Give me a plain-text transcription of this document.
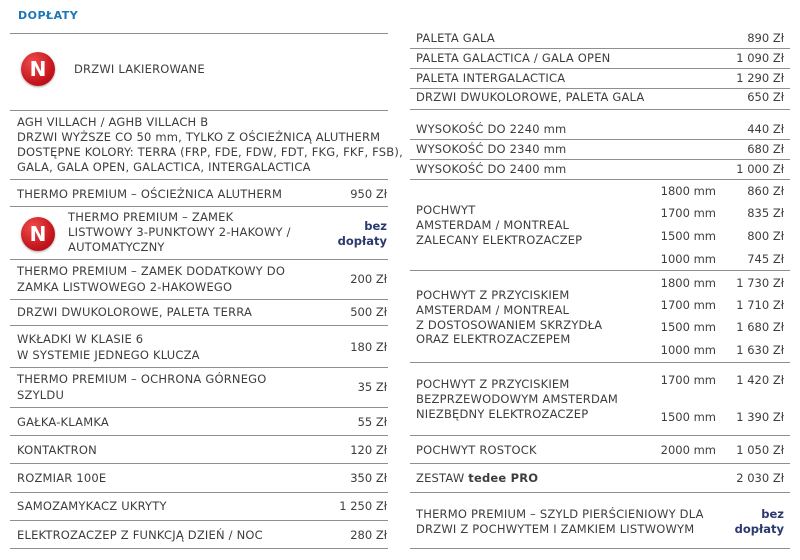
DOPŁATY
N	DRZWI LAKIEROWANE
AGH VILLACH / AGHB VILLACH B
DRZWI WYŻSZE CO 50 mm, TYLKO Z OŚCIEŻNICĄ ALUTHERM
DOSTĘPNE KOLORY: TERRA (FRP, FDE, FDW, FDT, FKG, FKF, FSB),
GALA, GALA OPEN, GALACTICA, INTERGALACTICA
THERMO PREMIUM – OŚCIEŻNICA ALUTHERM	950 Zł
N
THERMO PREMIUM – ZAMEK
LISTWOWY 3-PUNKTOWY 2-HAKOWY /
AUTOMATYCZNY
bez
dopłaty
THERMO PREMIUM – ZAMEK DODATKOWY DO
ZAMKA LISTWOWEGO 2-HAKOWEGO
200 Zł
DRZWI DWUKOLOROWE, PALETA TERRA	500 Zł
WKŁADKI W KLASIE 6
W SYSTEMIE JEDNEGO KLUCZA
180 Zł
THERMO PREMIUM – OCHRONA GÓRNEGO
SZYLDU
35 Zł
GAŁKA-KLAMKA	55 Zł
KONTAKTRON	120 Zł
ROZMIAR 100E	350 Zł
SAMOZAMYKACZ UKRYTY	1 250 Zł
ELEKTROZACZEP Z FUNKCJĄ DZIEŃ / NOC	280 Zł
PALETA GALA	890 Zł
PALETA GALACTICA / GALA OPEN	1 090 Zł
PALETA INTERGALACTICA	1 290 Zł
DRZWI DWUKOLOROWE, PALETA GALA	650 Zł
WYSOKOŚĆ DO 2240 mm	440 Zł
WYSOKOŚĆ DO 2340 mm	680 Zł
WYSOKOŚĆ DO 2400 mm	1 000 Zł
POCHWYT
AMSTERDAM / MONTREAL
ZALECANY ELEKTROZACZEP
1800 mm	860 Zł
1700 mm	835 Zł
1500 mm	800 Zł
1000 mm	745 Zł
POCHWYT Z PRZYCISKIEM
AMSTERDAM / MONTREAL
Z DOSTOSOWANIEM SKRZYDŁA
ORAZ ELEKTROZACZEPEM
1800 mm 1 730 Zł
1700 mm 1 710 Zł
1500 mm 1 680 Zł
1000 mm 1 630 Zł
POCHWYT Z PRZYCISKIEM
BEZPRZEWODOWYM AMSTERDAM
NIEZBĘDNY ELEKTROZACZEP
1700 mm 1 420 Zł
1500 mm 1 390 Zł
POCHWYT ROSTOCK	2000 mm 1 050 Zł
ZESTAW tedee PRO	2 030 Zł
THERMO PREMIUM – SZYLD PIERŚCIENIOWY DLA
DRZWI Z POCHWYTEM I ZAMKIEM LISTWOWYM
bez
dopłaty
